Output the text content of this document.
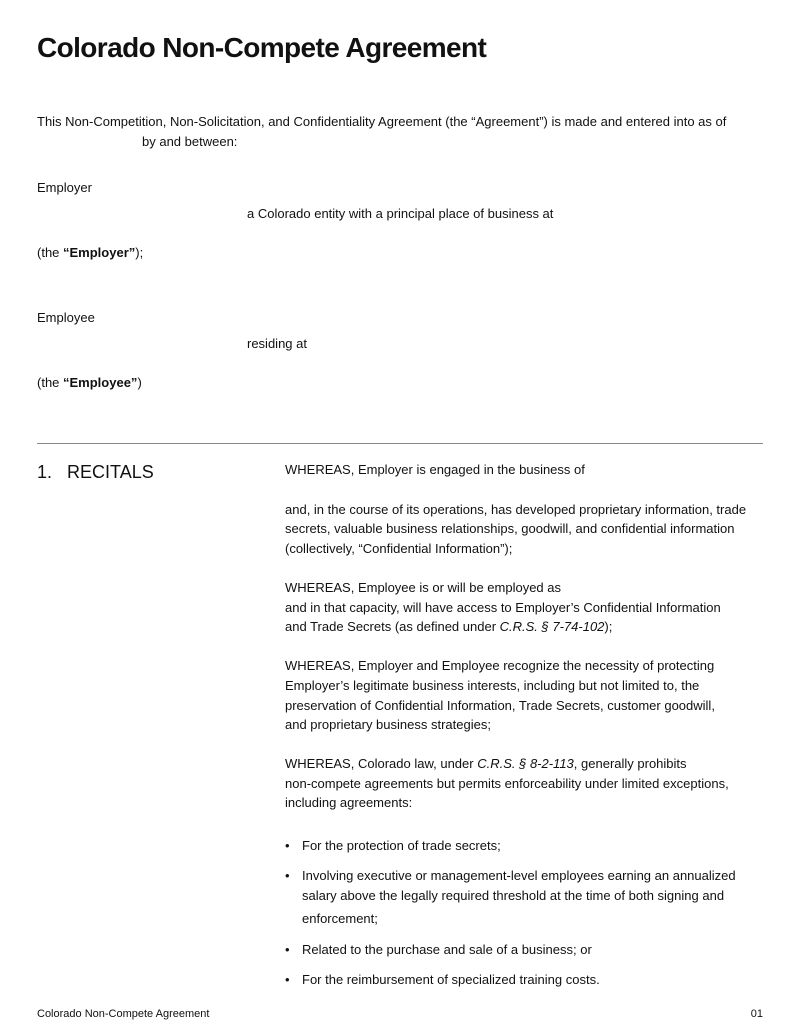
Colorado Non-Compete Agreement
This Non-Competition, Non-Solicitation, and Confidentiality Agreement (the “Agreement”) is made and entered into as of
by and between:
Employer
a Colorado entity with a principal place of business at
(the “Employer”);
Employee
residing at
(the “Employee”)
1. RECITALS	WHEREAS, Employer is engaged in the business of
and, in the course of its operations, has developed proprietary information, trade
secrets, valuable business relationships, goodwill, and confidential information
(collectively, “Confidential Information”);
WHEREAS, Employee is or will be employed as
and in that capacity, will have access to Employer’s Confidential Information
and Trade Secrets (as defined under C.R.S. § 7-74-102);
WHEREAS, Employer and Employee recognize the necessity of protecting
Employer’s legitimate business interests, including but not limited to, the
preservation of Confidential Information, Trade Secrets, customer goodwill,
and proprietary business strategies;
WHEREAS, Colorado law, under C.R.S. § 8-2-113, generally prohibits
non-compete agreements but permits enforceability under limited exceptions,
including agreements:
• For the protection of trade secrets;
• Involving executive or management-level employees earning an annualized
salary above the legally required threshold at the time of both signing and
enforcement;
• Related to the purchase and sale of a business; or
• For the reimbursement of specialized training costs.
Colorado Non-Compete Agreement	01
